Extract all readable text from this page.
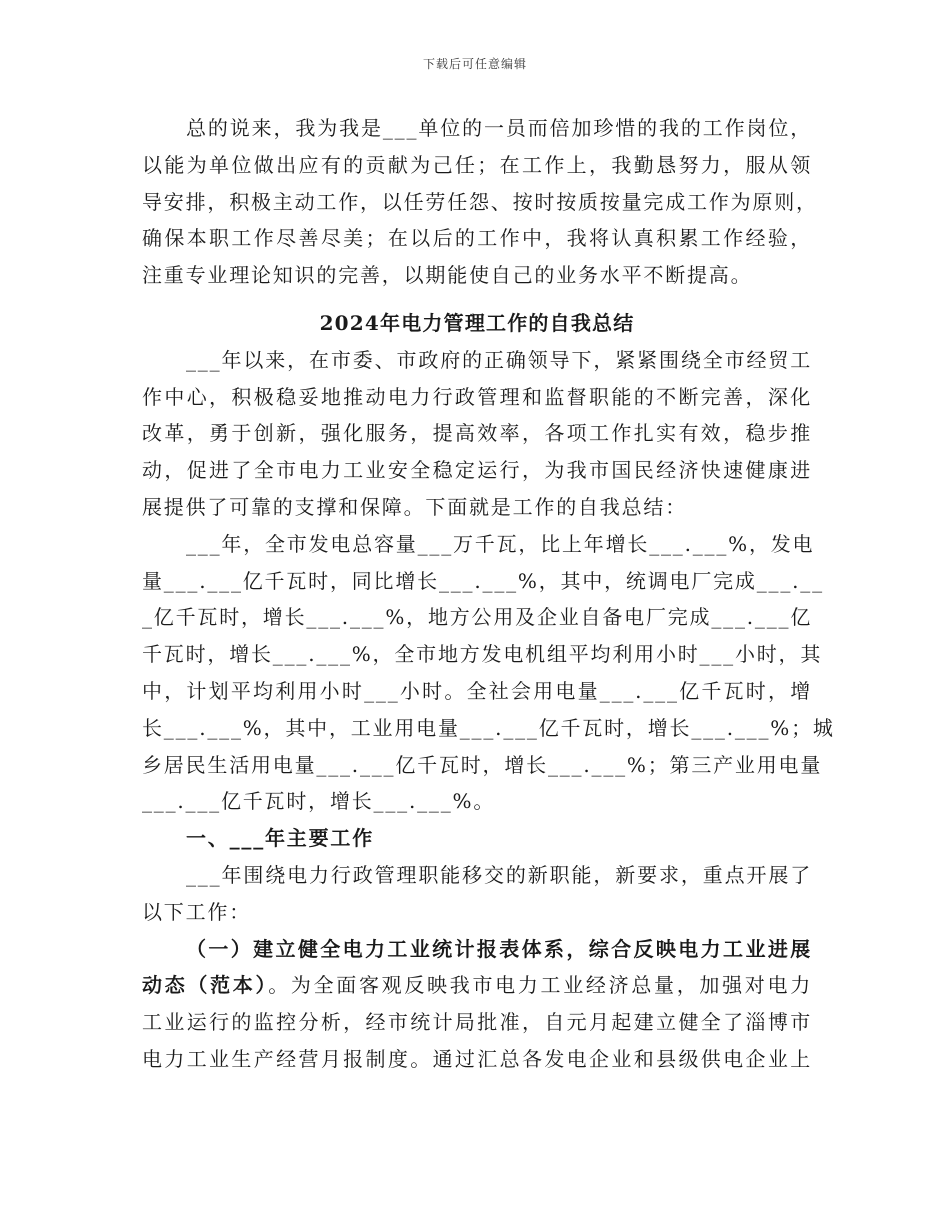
下载后可任意编辑
总的说来，我为我是___单位的一员而倍加珍惜的我的工作岗位，
以能为单位做出应有的贡献为己任；在工作上，我勤恳努力，服从领
导安排，积极主动工作，以任劳任怨、按时按质按量完成工作为原则，
确保本职工作尽善尽美；在以后的工作中，我将认真积累工作经验，
注重专业理论知识的完善，以期能使自己的业务水平不断提高。
2024年电力管理工作的自我总结
___年以来，在市委、市政府的正确领导下，紧紧围绕全市经贸工
作中心，积极稳妥地推动电力行政管理和监督职能的不断完善，深化
改革，勇于创新，强化服务，提高效率，各项工作扎实有效，稳步推
动，促进了全市电力工业安全稳定运行，为我市国民经济快速健康进
展提供了可靠的支撑和保障。下面就是工作的自我总结：
___年，全市发电总容量___万千瓦，比上年增长___.___%，发电
量___.___亿千瓦时，同比增长___.___%，其中，统调电厂完成___.__
_亿千瓦时，增长___.___%，地方公用及企业自备电厂完成___.___亿
千瓦时，增长___.___%，全市地方发电机组平均利用小时___小时，其
中，计划平均利用小时___小时。全社会用电量___.___亿千瓦时，增
长___.___%，其中，工业用电量___.___亿千瓦时，增长___.___%；城
乡居民生活用电量___.___亿千瓦时，增长___.___%；第三产业用电量
___.___亿千瓦时，增长___.___%。
一、___年主要工作
___年围绕电力行政管理职能移交的新职能，新要求，重点开展了
以下工作：
（一）建立健全电力工业统计报表体系，综合反映电力工业进展
动态（范本）。为全面客观反映我市电力工业经济总量，加强对电力
工业运行的监控分析，经市统计局批准，自元月起建立健全了淄博市
电力工业生产经营月报制度。通过汇总各发电企业和县级供电企业上
